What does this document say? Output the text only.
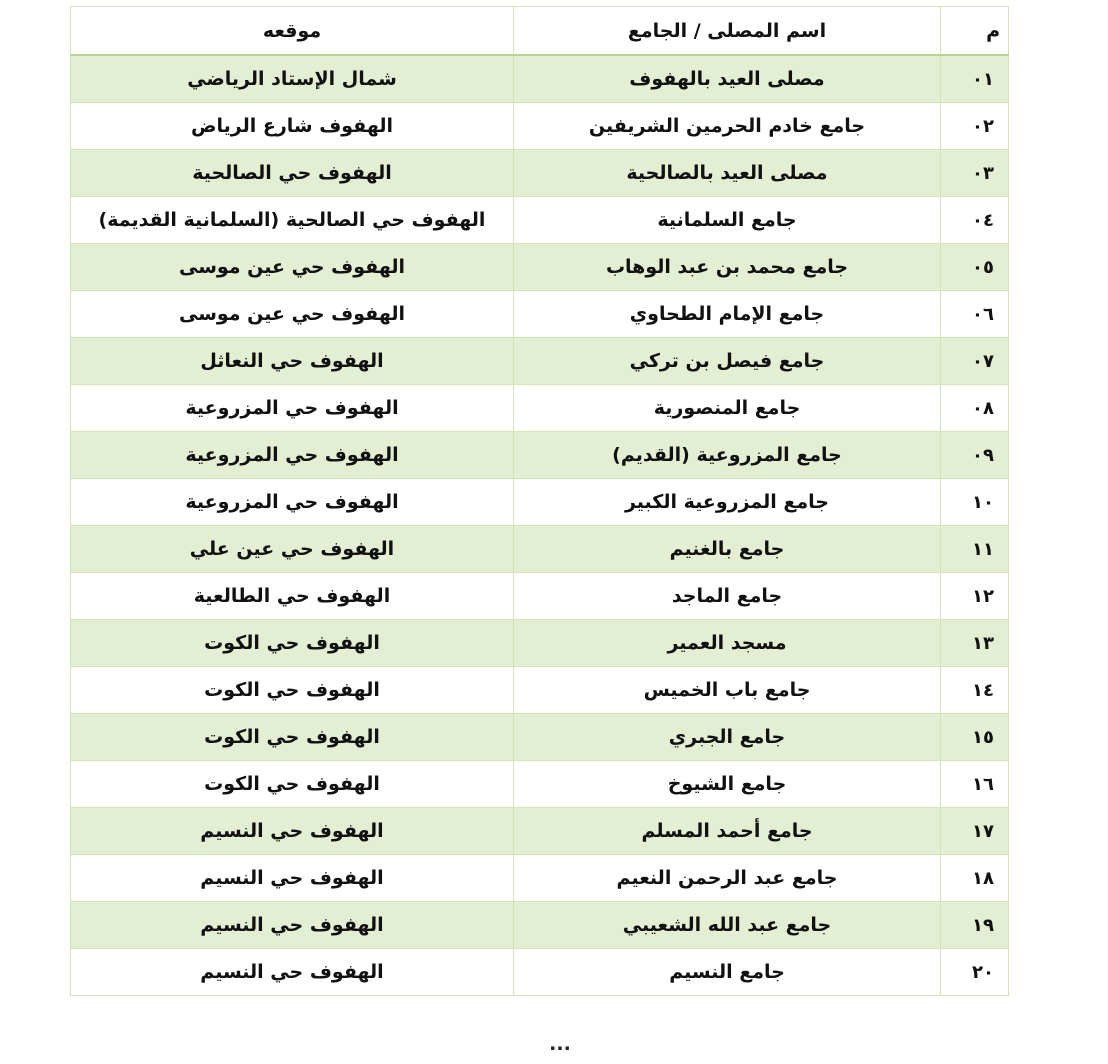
م	اسم المصلى / الجامع	موقعه
٠١	مصلى العيد بالهفوف	شمال الإستاد الرياضي
٠٢	جامع خادم الحرمين الشريفين	الهفوف شارع الرياض
٠٣	مصلى العيد بالصالحية	الهفوف حي الصالحية
٠٤	جامع السلمانية	الهفوف حي الصالحية (السلمانية القديمة)
٠٥	جامع محمد بن عبد الوهاب	الهفوف حي عين موسى
٠٦	جامع الإمام الطحاوي	الهفوف حي عين موسى
٠٧	جامع فيصل بن تركي	الهفوف حي النعاثل
٠٨	جامع المنصورية	الهفوف حي المزروعية
٠٩	جامع المزروعية (القديم)	الهفوف حي المزروعية
١٠	جامع المزروعية الكبير	الهفوف حي المزروعية
١١	جامع بالغنيم	الهفوف حي عين علي
١٢	جامع الماجد	الهفوف حي الطالعية
١٣	مسجد العمير	الهفوف حي الكوت
١٤	جامع باب الخميس	الهفوف حي الكوت
١٥	جامع الجبري	الهفوف حي الكوت
١٦	جامع الشيوخ	الهفوف حي الكوت
١٧	جامع أحمد المسلم	الهفوف حي النسيم
١٨	جامع عبد الرحمن النعيم	الهفوف حي النسيم
١٩	جامع عبد الله الشعيبي	الهفوف حي النسيم
٢٠	جامع النسيم	الهفوف حي النسيم
...
